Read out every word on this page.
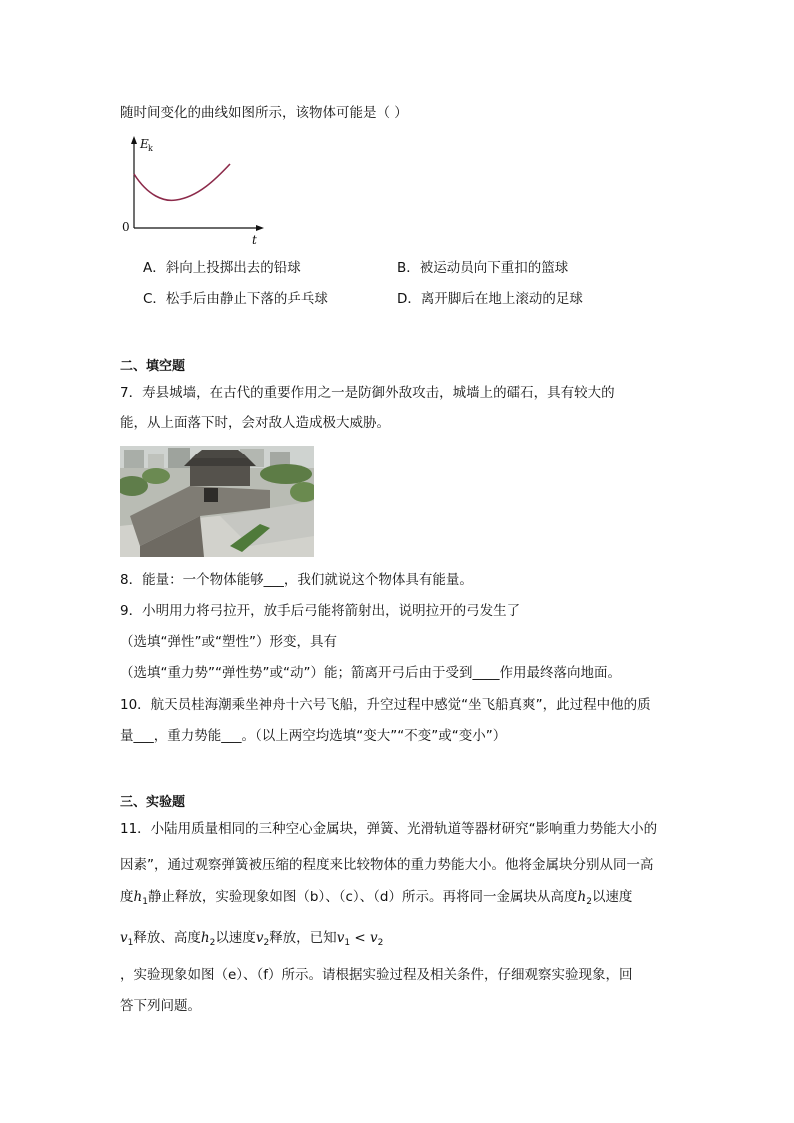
随时间变化的曲线如图所示，该物体可能是（ ）
E k
0
t
A．斜向上投掷出去的铅球	B．被运动员向下重扣的篮球
C．松手后由静止下落的乒乓球	D．离开脚后在地上滚动的足球
二、填空题
7．寿县城墙，在古代的重要作用之一是防御外敌攻击，城墙上的礌石，具有较大的
能，从上面落下时，会对敌人造成极大威胁。
8．能量：一个物体能够___，我们就说这个物体具有能量。
9．小明用力将弓拉开，放手后弓能将箭射出，说明拉开的弓发生了
（选填“弹性”或“塑性”）形变，具有
（选填“重力势”“弹性势”或“动”）能；箭离开弓后由于受到____作用最终落向地面。
10．航天员桂海潮乘坐神舟十六号飞船，升空过程中感觉“坐飞船真爽”，此过程中他的质
量___，重力势能___。（以上两空均选填“变大”“不变”或“变小”）
三、实验题
11．小陆用质量相同的三种空心金属块，弹簧、光滑轨道等器材研究“影响重力势能大小的
因素”，通过观察弹簧被压缩的程度来比较物体的重力势能大小。他将金属块分别从同一高
度$h_1$静止释放，实验现象如图（b）、（c）、（d）所示。再将同一金属块从高度$h_2$以速度
$v_1$释放、高度$h_2$以速度$v_2$释放，已知$v_1 < v_2$
，实验现象如图（e）、（f）所示。请根据实验过程及相关条件，仔细观察实验现象，回
答下列问题。
